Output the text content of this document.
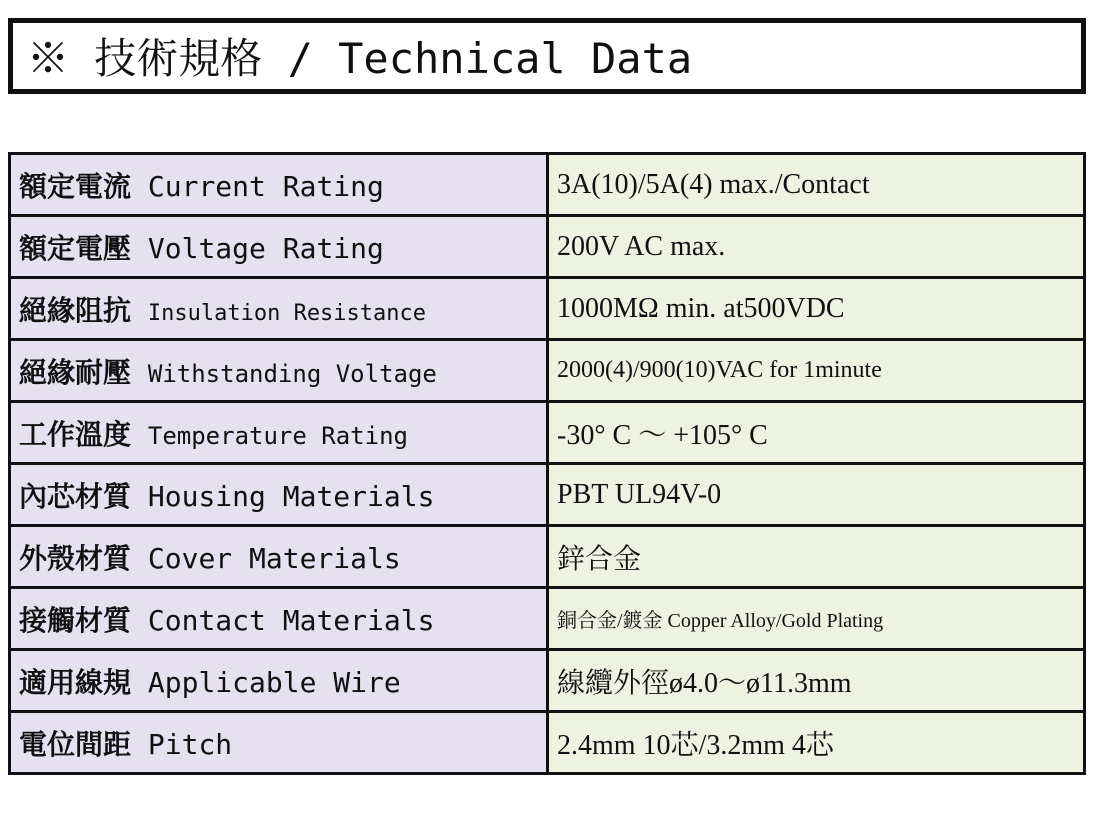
※ 技術規格 / Technical Data
額定電流 Current Rating	3A(10)/5A(4) max./Contact
額定電壓 Voltage Rating	200V AC max.
絕緣阻抗 Insulation Resistance	1000MΩ min. at500VDC
絕緣耐壓 Withstanding Voltage	2000(4)/900(10)VAC for 1minute
工作溫度 Temperature Rating	-30° C ～ +105° C
內芯材質 Housing Materials	PBT UL94V-0
外殼材質 Cover Materials	鋅合金
接觸材質 Contact Materials	銅合金/鍍金 Copper Alloy/Gold Plating
適用線規 Applicable Wire	線纜外徑ø4.0～ø11.3mm
電位間距 Pitch	2.4mm 10芯/3.2mm 4芯
